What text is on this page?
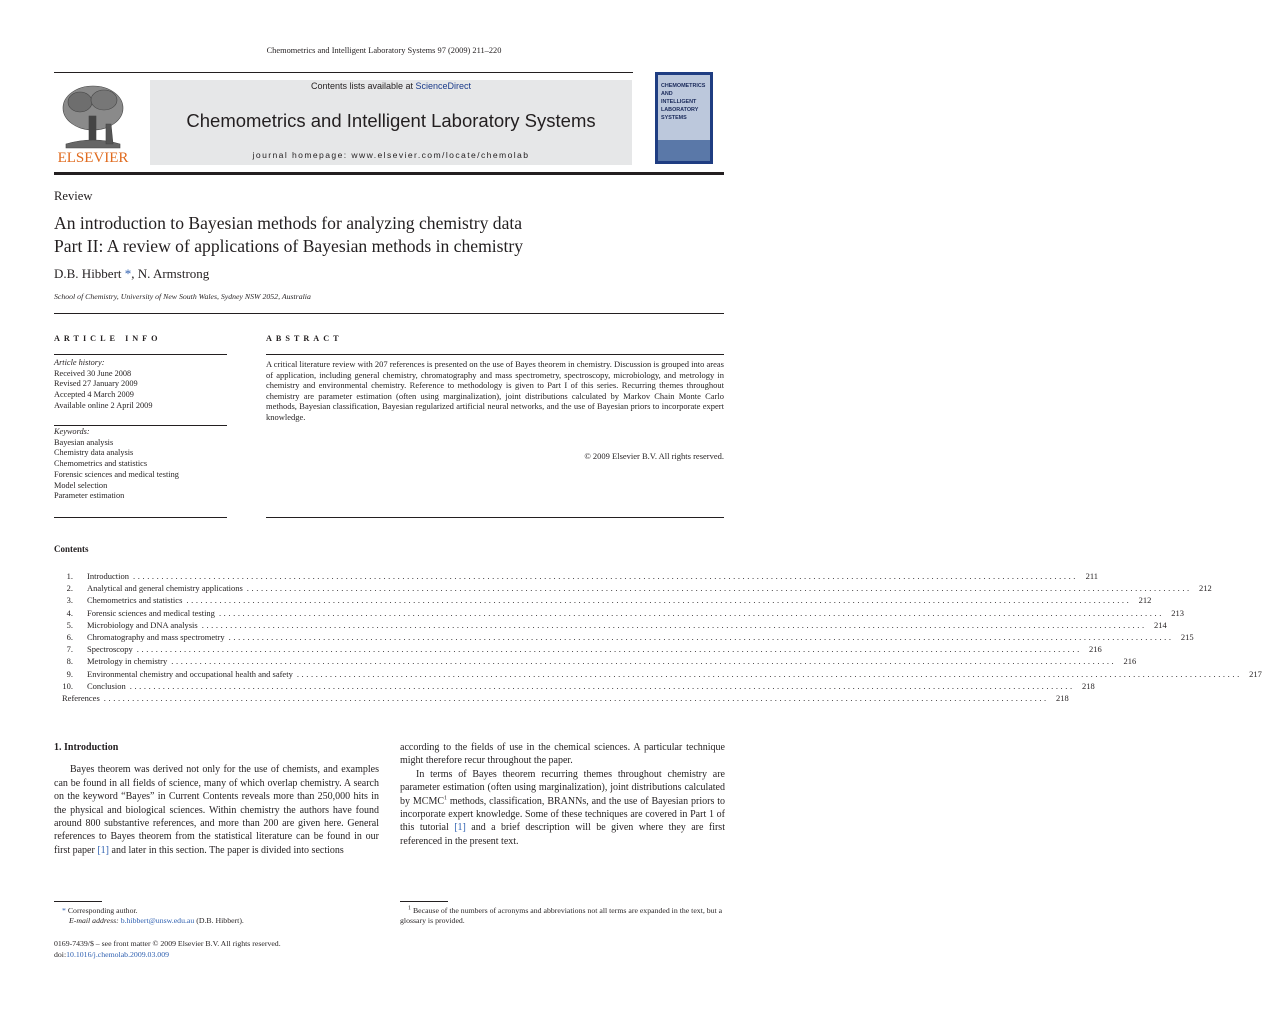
Chemometrics and Intelligent Laboratory Systems 97 (2009) 211–220
ELSEVIER
Contents lists available at ScienceDirect
Chemometrics and Intelligent Laboratory Systems
journal homepage: www.elsevier.com/locate/chemolab
CHEMOMETRICS
AND INTELLIGENT
LABORATORY
SYSTEMS
Review
An introduction to Bayesian methods for analyzing chemistry data
Part II: A review of applications of Bayesian methods in chemistry
D.B. Hibbert *, N. Armstrong
School of Chemistry, University of New South Wales, Sydney NSW 2052, Australia
ARTICLE INFO	ABSTRACT
Article history:
Received 30 June 2008
Revised 27 January 2009
Accepted 4 March 2009
Available online 2 April 2009
Keywords:
Bayesian analysis
Chemistry data analysis
Chemometrics and statistics
Forensic sciences and medical testing
Model selection
Parameter estimation
A critical literature review with 207 references is presented on the use of Bayes theorem in chemistry. Discussion is grouped into areas of application, including general chemistry, chromatography and mass spectrometry, spectroscopy, microbiology, and metrology in chemistry and environmental chemistry. Reference to methodology is given to Part I of this series. Recurring themes throughout chemistry are parameter estimation (often using marginalization), joint distributions calculated by Markov Chain Monte Carlo methods, Bayesian classification, Bayesian regularized artificial neural networks, and the use of Bayesian priors to incorporate expert knowledge.
© 2009 Elsevier B.V. All rights reserved.
Contents
1.	Introduction ........................................................................................................................................................................................................ 211
2.	Analytical and general chemistry applications ........................................................................................................................................................................................................ 212
3.	Chemometrics and statistics ........................................................................................................................................................................................................ 212
4.	Forensic sciences and medical testing ........................................................................................................................................................................................................ 213
5.	Microbiology and DNA analysis ........................................................................................................................................................................................................ 214
6.	Chromatography and mass spectrometry ........................................................................................................................................................................................................ 215
7.	Spectroscopy ........................................................................................................................................................................................................ 216
8.	Metrology in chemistry ........................................................................................................................................................................................................ 216
9.	Environmental chemistry and occupational health and safety ........................................................................................................................................................................................................ 217
10.	Conclusion ........................................................................................................................................................................................................ 218
References ........................................................................................................................................................................................................ 218
1. Introduction

Bayes theorem was derived not only for the use of chemists, and examples can be found in all fields of science, many of which overlap chemistry. A search on the keyword “Bayes” in Current Contents reveals more than 250,000 hits in the physical and biological sciences. Within chemistry the authors have found around 800 substantive references, and more than 200 are given here. General references to Bayes theorem from the statistical literature can be found in our first paper [1] and later in this section. The paper is divided into sections

according to the fields of use in the chemical sciences. A particular technique might therefore recur throughout the paper.

In terms of Bayes theorem recurring themes throughout chemistry are parameter estimation (often using marginalization), joint distributions calculated by MCMC$^1$ methods, classification, BRANNs, and the use of Bayesian priors to incorporate expert knowledge. Some of these techniques are covered in Part 1 of this tutorial [1] and a brief description will be given where they are first referenced in the present text.

* Corresponding author.
E-mail address: b.hibbert@unsw.edu.au (D.B. Hibbert).
$^1$ Because of the numbers of acronyms and abbreviations not all terms are expanded in the text, but a glossary is provided.
0169-7439/$ – see front matter © 2009 Elsevier B.V. All rights reserved.
doi:10.1016/j.chemolab.2009.03.009
